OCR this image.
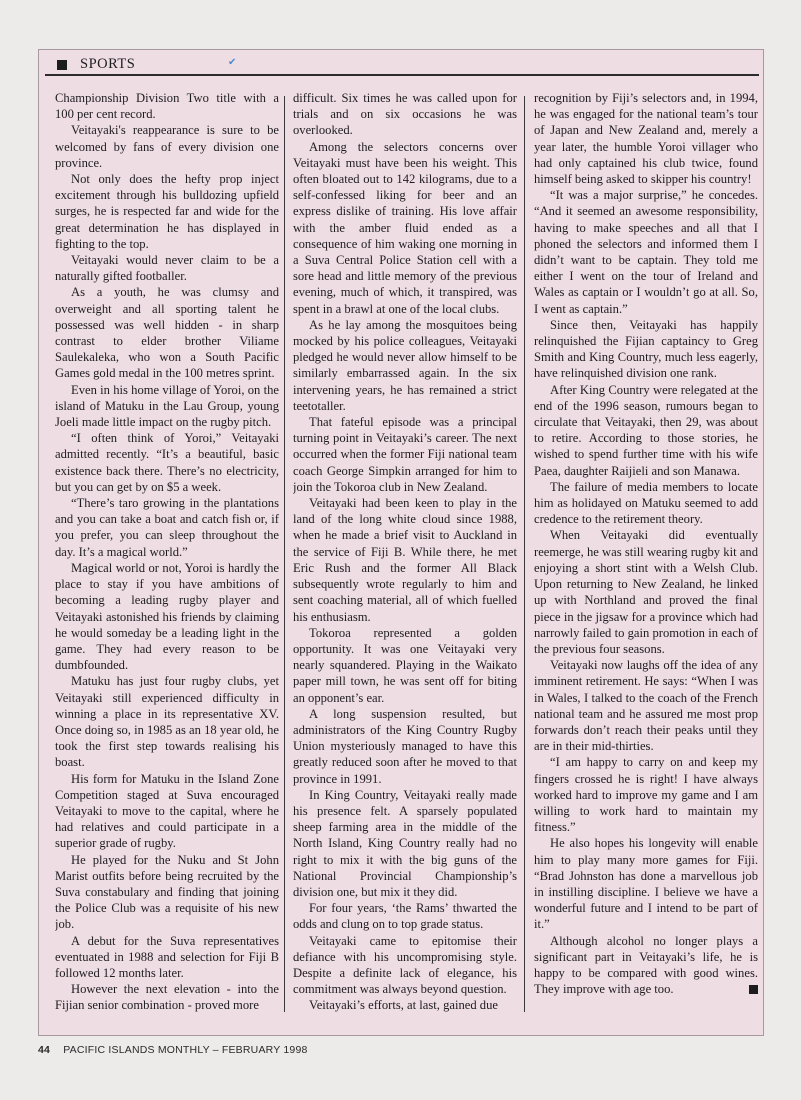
SPORTS	✔

Championship Division Two title with a 100 per cent record.

Veitayaki's reappearance is sure to be welcomed by fans of every division one province.

Not only does the hefty prop inject excitement through his bulldozing upfield surges, he is respected far and wide for the great determination he has displayed in fighting to the top.

Veitayaki would never claim to be a naturally gifted footballer.

As a youth, he was clumsy and overweight and all sporting talent he possessed was well hidden - in sharp contrast to elder brother Viliame Saulekaleka, who won a South Pacific Games gold medal in the 100 metres sprint.

Even in his home village of Yoroi, on the island of Matuku in the Lau Group, young Joeli made little impact on the rugby pitch.

“I often think of Yoroi,” Veitayaki admitted recently. “It’s a beautiful, basic existence back there. There’s no electricity, but you can get by on $5 a week.

“There’s taro growing in the plantations and you can take a boat and catch fish or, if you prefer, you can sleep throughout the day. It’s a magical world.”

Magical world or not, Yoroi is hardly the place to stay if you have ambitions of becoming a leading rugby player and Veitayaki astonished his friends by claiming he would someday be a leading light in the game. They had every reason to be dumbfounded.

Matuku has just four rugby clubs, yet Veitayaki still experienced difficulty in winning a place in its representative XV. Once doing so, in 1985 as an 18 year old, he took the first step towards realising his boast.

His form for Matuku in the Island Zone Competition staged at Suva encouraged Veitayaki to move to the capital, where he had relatives and could participate in a superior grade of rugby.

He played for the Nuku and St John Marist outfits before being recruited by the Suva constabulary and finding that joining the Police Club was a requisite of his new job.

A debut for the Suva representatives eventuated in 1988 and selection for Fiji B followed 12 months later.

However the next elevation - into the Fijian senior combination - proved more

difficult. Six times he was called upon for trials and on six occasions he was overlooked.

Among the selectors concerns over Veitayaki must have been his weight. This often bloated out to 142 kilograms, due to a self-confessed liking for beer and an express dislike of training. His love affair with the amber fluid ended as a consequence of him waking one morning in a Suva Central Police Station cell with a sore head and little memory of the previous evening, much of which, it transpired, was spent in a brawl at one of the local clubs.

As he lay among the mosquitoes being mocked by his police colleagues, Veitayaki pledged he would never allow himself to be similarly embarrassed again. In the six intervening years, he has remained a strict teetotaller.

That fateful episode was a principal turning point in Veitayaki’s career. The next occurred when the former Fiji national team coach George Simpkin arranged for him to join the Tokoroa club in New Zealand.

Veitayaki had been keen to play in the land of the long white cloud since 1988, when he made a brief visit to Auckland in the service of Fiji B. While there, he met Eric Rush and the former All Black subsequently wrote regularly to him and sent coaching material, all of which fuelled his enthusiasm.

Tokoroa represented a golden opportunity. It was one Veitayaki very nearly squandered. Playing in the Waikato paper mill town, he was sent off for biting an opponent’s ear.

A long suspension resulted, but administrators of the King Country Rugby Union mysteriously managed to have this greatly reduced soon after he moved to that province in 1991.

In King Country, Veitayaki really made his presence felt. A sparsely populated sheep farming area in the middle of the North Island, King Country really had no right to mix it with the big guns of the National Provincial Championship’s division one, but mix it they did.

For four years, ‘the Rams’ thwarted the odds and clung on to top grade status.

Veitayaki came to epitomise their defiance with his uncompromising style. Despite a definite lack of elegance, his commitment was always beyond question.

Veitayaki’s efforts, at last, gained due

recognition by Fiji’s selectors and, in 1994, he was engaged for the national team’s tour of Japan and New Zealand and, merely a year later, the humble Yoroi villager who had only captained his club twice, found himself being asked to skipper his country!

“It was a major surprise,” he concedes. “And it seemed an awesome responsibility, having to make speeches and all that I phoned the selectors and informed them I didn’t want to be captain. They told me either I went on the tour of Ireland and Wales as captain or I wouldn’t go at all. So, I went as captain.”

Since then, Veitayaki has happily relinquished the Fijian captaincy to Greg Smith and King Country, much less eagerly, have relinquished division one rank.

After King Country were relegated at the end of the 1996 season, rumours began to circulate that Veitayaki, then 29, was about to retire. According to those stories, he wished to spend further time with his wife Paea, daughter Raijieli and son Manawa.

The failure of media members to locate him as holidayed on Matuku seemed to add credence to the retirement theory.

When Veitayaki did eventually reemerge, he was still wearing rugby kit and enjoying a short stint with a Welsh Club. Upon returning to New Zealand, he linked up with Northland and proved the final piece in the jigsaw for a province which had narrowly failed to gain promotion in each of the previous four seasons.

Veitayaki now laughs off the idea of any imminent retirement. He says: “When I was in Wales, I talked to the coach of the French national team and he assured me most prop forwards don’t reach their peaks until they are in their mid-thirties.

“I am happy to carry on and keep my fingers crossed he is right! I have always worked hard to improve my game and I am willing to work hard to maintain my fitness.”

He also hopes his longevity will enable him to play many more games for Fiji. “Brad Johnston has done a marvellous job in instilling discipline. I believe we have a wonderful future and I intend to be part of it.”

Although alcohol no longer plays a significant part in Veitayaki’s life, he is happy to be compared with good wines. They improve with age too.

44 PACIFIC ISLANDS MONTHLY – FEBRUARY 1998
